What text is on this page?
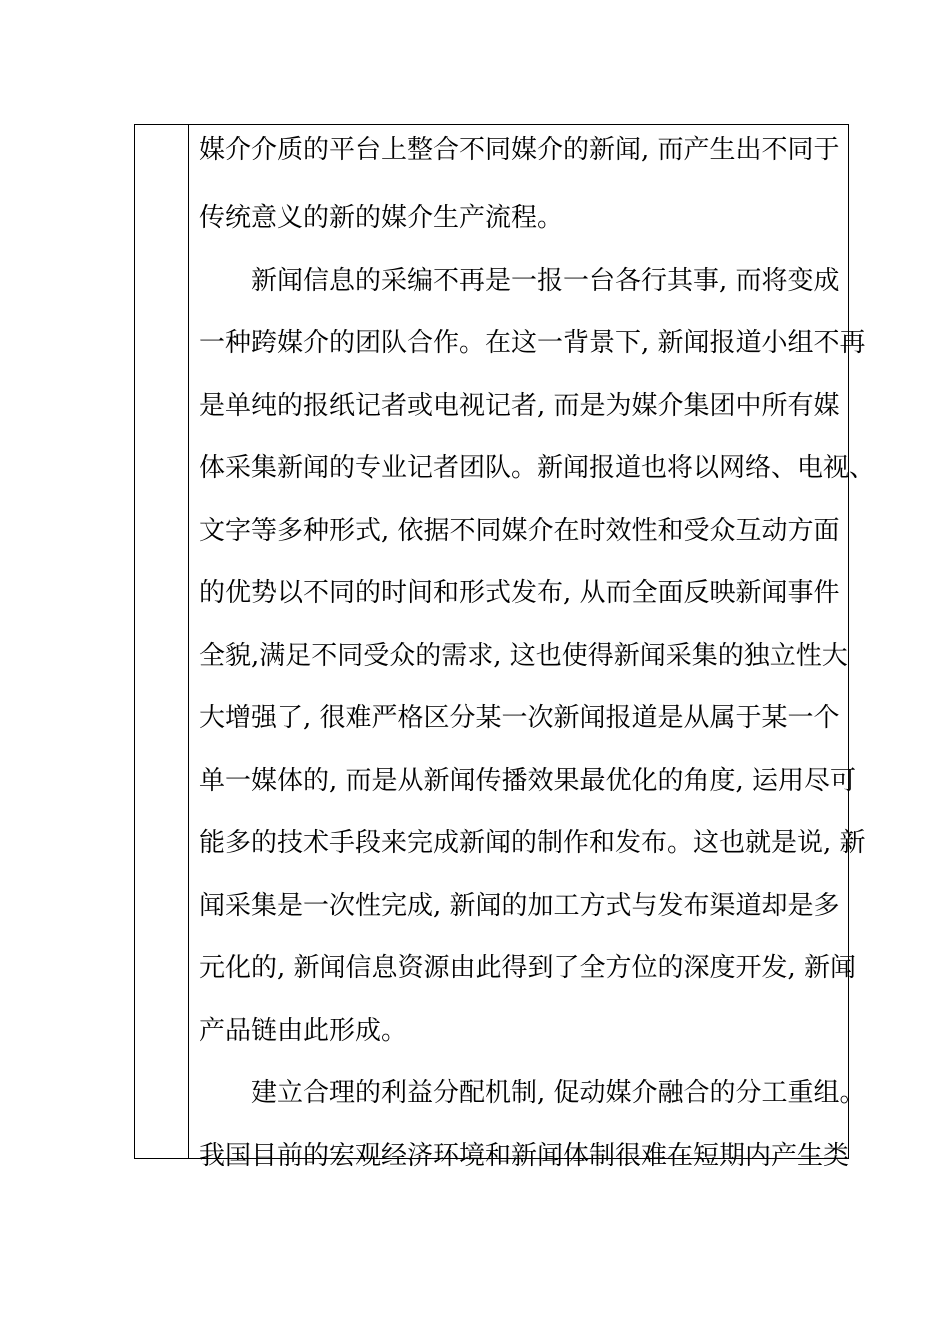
媒介介质的平台上整合不同媒介的新闻, 而产生出不同于
传统意义的新的媒介生产流程。
新闻信息的采编不再是一报一台各行其事, 而将变成
一种跨媒介的团队合作。在这一背景下, 新闻报道小组不再
是单纯的报纸记者或电视记者, 而是为媒介集团中所有媒
体采集新闻的专业记者团队。新闻报道也将以网络、电视、
文字等多种形式, 依据不同媒介在时效性和受众互动方面
的优势以不同的时间和形式发布, 从而全面反映新闻事件
全貌,满足不同受众的需求, 这也使得新闻采集的独立性大
大增强了, 很难严格区分某一次新闻报道是从属于某一个
单一媒体的, 而是从新闻传播效果最优化的角度, 运用尽可
能多的技术手段来完成新闻的制作和发布。这也就是说, 新
闻采集是一次性完成, 新闻的加工方式与发布渠道却是多
元化的, 新闻信息资源由此得到了全方位的深度开发, 新闻
产品链由此形成。
建立合理的利益分配机制, 促动媒介融合的分工重组。
我国目前的宏观经济环境和新闻体制很难在短期内产生类
